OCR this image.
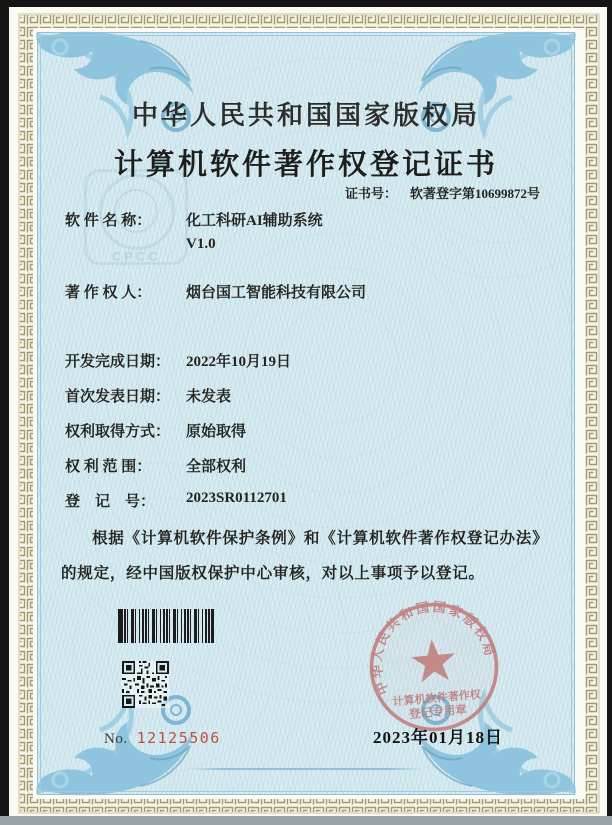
CPCC
中华人民共和国国家版权局
计算机软件著作权登记证书
证书号： 软著登字第10699872号
软 件 名 称：	化工科研AI辅助系统
V1.0
著 作 权 人：	烟台国工智能科技有限公司
开发完成日期：	2022年10月19日
首次发表日期：	未发表
权利取得方式：	原始取得
权 利 范 围：	全部权利
登　记　号：	2023SR0112701

根据《计算机软件保护条例》和《计算机软件著作权登记办法》的规定，经中国版权保护中心审核，对以上事项予以登记。

No. 12125506
中华人民共和国国家版权局
计算机软件著作权
登记专用章
2023年01月18日
